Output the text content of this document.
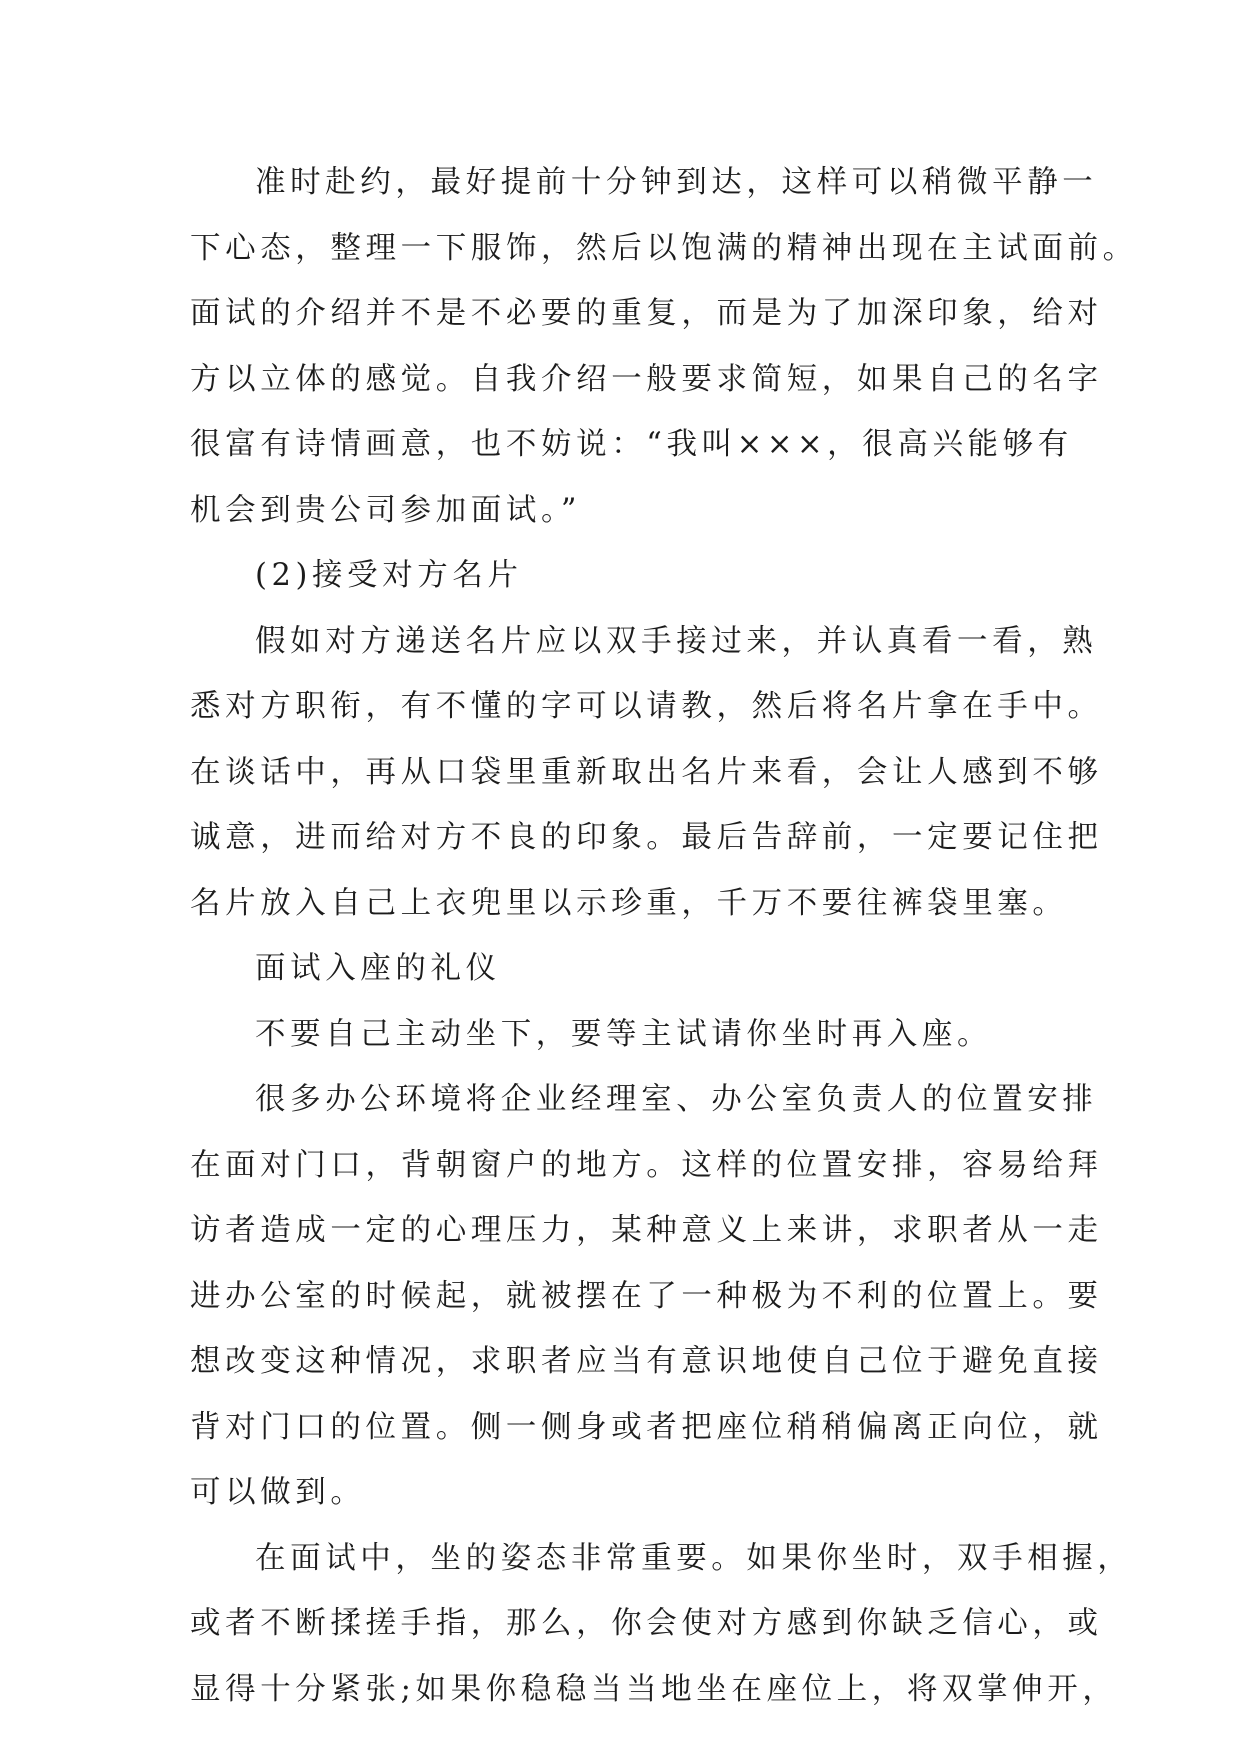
准时赴约，最好提前十分钟到达，这样可以稍微平静一
下心态，整理一下服饰，然后以饱满的精神出现在主试面前。
面试的介绍并不是不必要的重复，而是为了加深印象，给对
方以立体的感觉。自我介绍一般要求简短，如果自己的名字
很富有诗情画意，也不妨说：“我叫×××，很高兴能够有
机会到贵公司参加面试。”
(2)接受对方名片
假如对方递送名片应以双手接过来，并认真看一看，熟
悉对方职衔，有不懂的字可以请教，然后将名片拿在手中。
在谈话中，再从口袋里重新取出名片来看，会让人感到不够
诚意，进而给对方不良的印象。最后告辞前，一定要记住把
名片放入自己上衣兜里以示珍重，千万不要往裤袋里塞。
面试入座的礼仪
不要自己主动坐下，要等主试请你坐时再入座。
很多办公环境将企业经理室、办公室负责人的位置安排
在面对门口，背朝窗户的地方。这样的位置安排，容易给拜
访者造成一定的心理压力，某种意义上来讲，求职者从一走
进办公室的时候起，就被摆在了一种极为不利的位置上。要
想改变这种情况，求职者应当有意识地使自己位于避免直接
背对门口的位置。侧一侧身或者把座位稍稍偏离正向位，就
可以做到。
在面试中，坐的姿态非常重要。如果你坐时，双手相握，
或者不断揉搓手指，那么，你会使对方感到你缺乏信心，或
显得十分紧张;如果你稳稳当当地坐在座位上，将双掌伸开，
